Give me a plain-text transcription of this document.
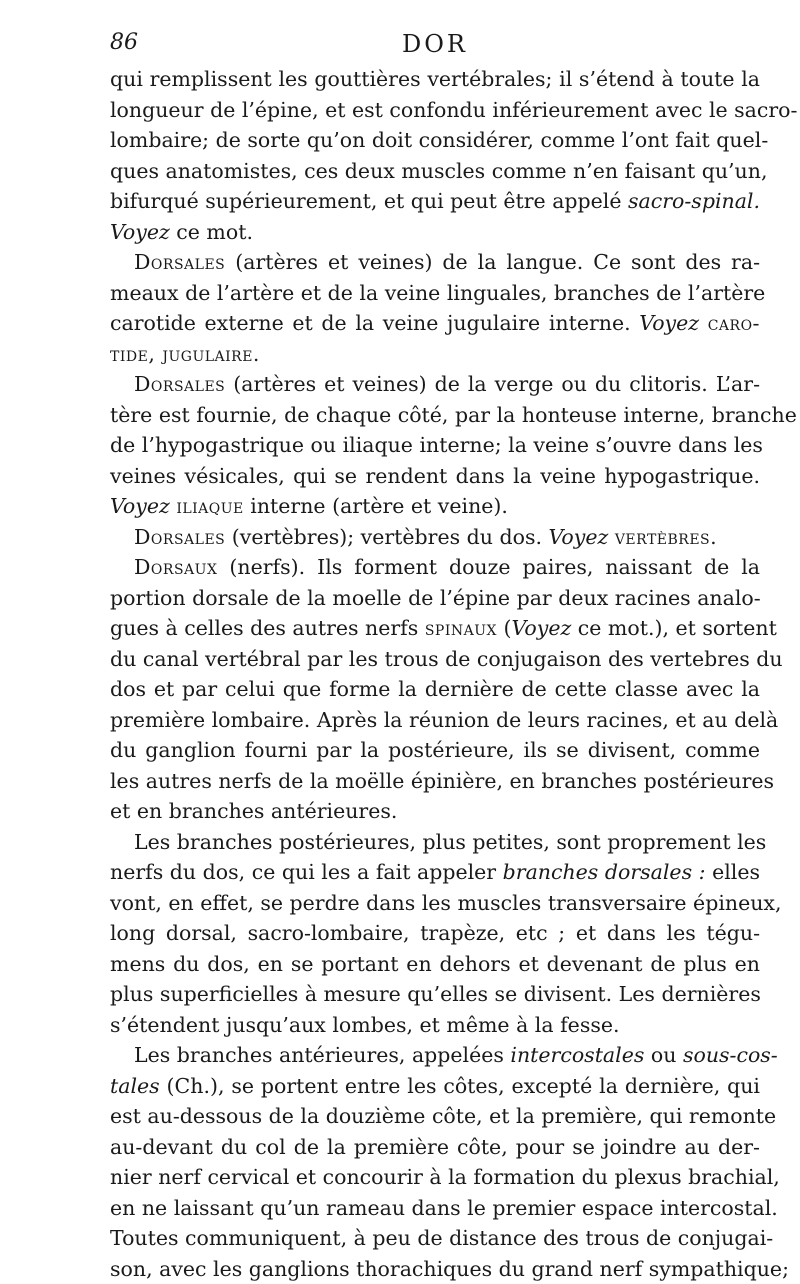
86	DOR
qui remplissent les gouttières vertébrales; il s’étend à toute la
longueur de l’épine, et est confondu inférieurement avec le sacro-
lombaire; de sorte qu’on doit considérer, comme l’ont fait quel-
ques anatomistes, ces deux muscles comme n’en faisant qu’un,
bifurqué supérieurement, et qui peut être appelé sacro-spinal.
Voyez ce mot.
Dorsales (artères et veines) de la langue. Ce sont des ra-
meaux de l’artère et de la veine linguales, branches de l’artère
carotide externe et de la veine jugulaire interne. Voyez caro-
tide, jugulaire.
Dorsales (artères et veines) de la verge ou du clitoris. L’ar-
tère est fournie, de chaque côté, par la honteuse interne, branche
de l’hypogastrique ou iliaque interne; la veine s’ouvre dans les
veines vésicales, qui se rendent dans la veine hypogastrique.
Voyez iliaque interne (artère et veine).
Dorsales (vertèbres); vertèbres du dos. Voyez vertèbres.
Dorsaux (nerfs). Ils forment douze paires, naissant de la
portion dorsale de la moelle de l’épine par deux racines analo-
gues à celles des autres nerfs spinaux (Voyez ce mot.), et sortent
du canal vertébral par les trous de conjugaison des vertebres du
dos et par celui que forme la dernière de cette classe avec la
première lombaire. Après la réunion de leurs racines, et au delà
du ganglion fourni par la postérieure, ils se divisent, comme
les autres nerfs de la moëlle épinière, en branches postérieures
et en branches antérieures.
Les branches postérieures, plus petites, sont proprement les
nerfs du dos, ce qui les a fait appeler branches dorsales : elles
vont, en effet, se perdre dans les muscles transversaire épineux,
long dorsal, sacro-lombaire, trapèze, etc ; et dans les tégu-
mens du dos, en se portant en dehors et devenant de plus en
plus superficielles à mesure qu’elles se divisent. Les dernières
s’étendent jusqu’aux lombes, et même à la fesse.
Les branches antérieures, appelées intercostales ou sous-cos-
tales (Ch.), se portent entre les côtes, excepté la dernière, qui
est au-dessous de la douzième côte, et la première, qui remonte
au-devant du col de la première côte, pour se joindre au der-
nier nerf cervical et concourir à la formation du plexus brachial,
en ne laissant qu’un rameau dans le premier espace intercostal.
Toutes communiquent, à peu de distance des trous de conjugai-
son, avec les ganglions thorachiques du grand nerf sympathique;
